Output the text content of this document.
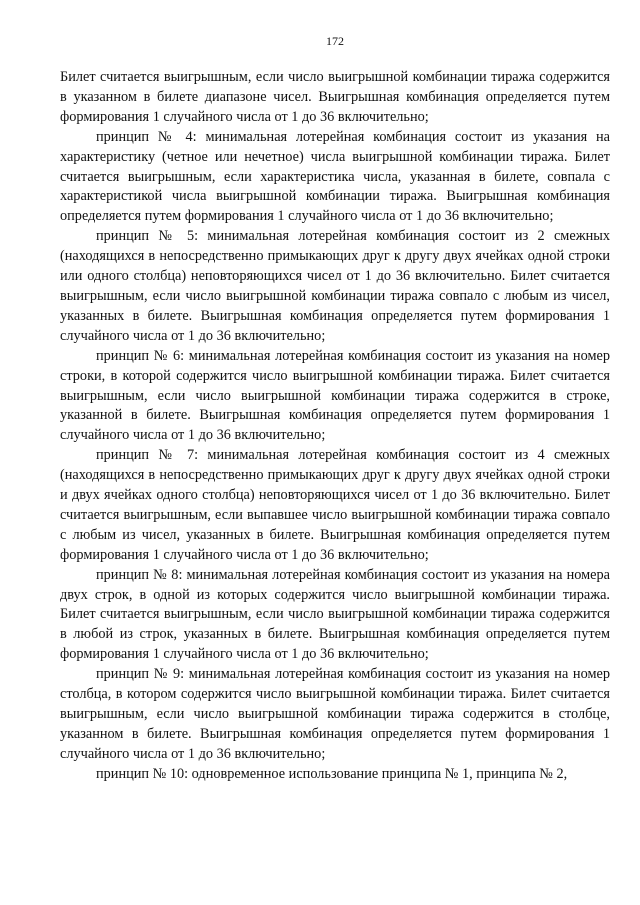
172

Билет считается выигрышным, если число выигрышной комбинации тиража содержится в указанном в билете диапазоне чисел. Выигрышная комбинация определяется путем формирования 1 случайного числа от 1 до 36 включительно;

принцип № 4: минимальная лотерейная комбинация состоит из указания на характеристику (четное или нечетное) числа выигрышной комбинации тиража. Билет считается выигрышным, если характеристика числа, указанная в билете, совпала с характеристикой числа выигрышной комбинации тиража. Выигрышная комбинация определяется путем формирования 1 случайного числа от 1 до 36 включительно;

принцип № 5: минимальная лотерейная комбинация состоит из 2 смежных (находящихся в непосредственно примыкающих друг к другу двух ячейках одной строки или одного столбца) неповторяющихся чисел от 1 до 36 включительно. Билет считается выигрышным, если число выигрышной комбинации тиража совпало с любым из чисел, указанных в билете. Выигрышная комбинация определяется путем формирования 1 случайного числа от 1 до 36 включительно;

принцип № 6: минимальная лотерейная комбинация состоит из указания на номер строки, в которой содержится число выигрышной комбинации тиража. Билет считается выигрышным, если число выигрышной комбинации тиража содержится в строке, указанной в билете. Выигрышная комбинация определяется путем формирования 1 случайного числа от 1 до 36 включительно;

принцип № 7: минимальная лотерейная комбинация состоит из 4 смежных (находящихся в непосредственно примыкающих друг к другу двух ячейках одной строки и двух ячейках одного столбца) неповторяющихся чисел от 1 до 36 включительно. Билет считается выигрышным, если выпавшее число выигрышной комбинации тиража совпало с любым из чисел, указанных в билете. Выигрышная комбинация определяется путем формирования 1 случайного числа от 1 до 36 включительно;

принцип № 8: минимальная лотерейная комбинация состоит из указания на номера двух строк, в одной из которых содержится число выигрышной комбинации тиража. Билет считается выигрышным, если число выигрышной комбинации тиража содержится в любой из строк, указанных в билете. Выигрышная комбинация определяется путем формирования 1 случайного числа от 1 до 36 включительно;

принцип № 9: минимальная лотерейная комбинация состоит из указания на номер столбца, в котором содержится число выигрышной комбинации тиража. Билет считается выигрышным, если число выигрышной комбинации тиража содержится в столбце, указанном в билете. Выигрышная комбинация определяется путем формирования 1 случайного числа от 1 до 36 включительно;

принцип № 10: одновременное использование принципа № 1, принципа № 2,
